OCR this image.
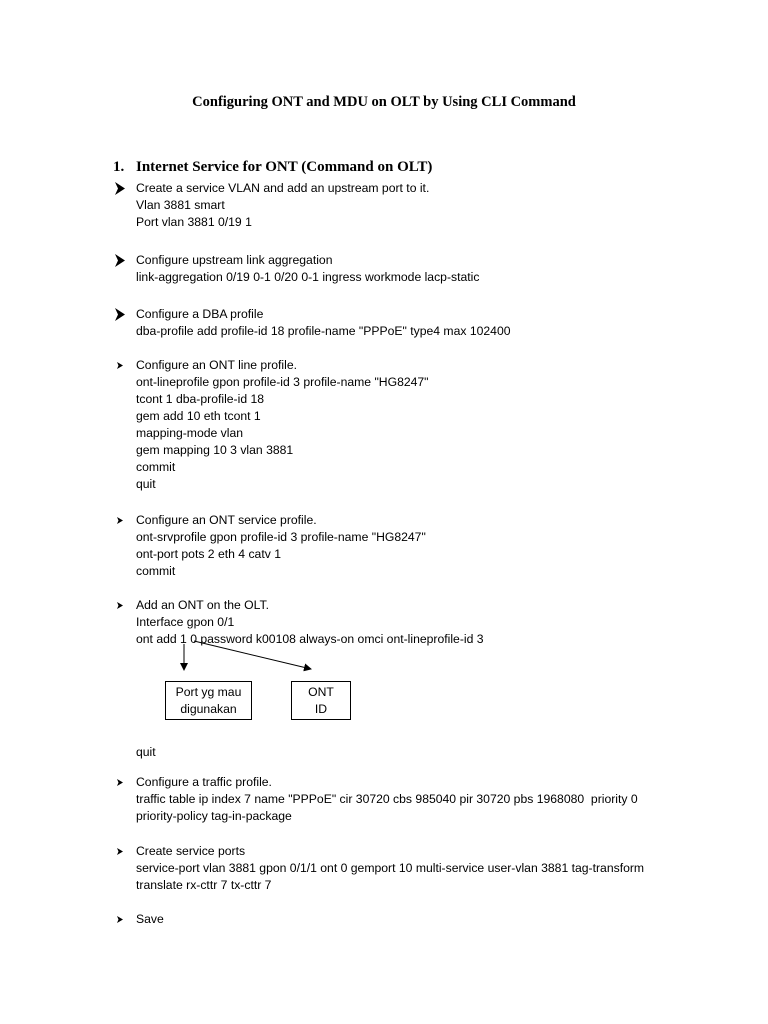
Configuring ONT and MDU on OLT by Using CLI Command
1. Internet Service for ONT (Command on OLT)
Create a service VLAN and add an upstream port to it.
Vlan 3881 smart
Port vlan 3881 0/19 1
Configure upstream link aggregation
link-aggregation 0/19 0-1 0/20 0-1 ingress workmode lacp-static
Configure a DBA profile
dba-profile add profile-id 18 profile-name "PPPoE" type4 max 102400
Configure an ONT line profile.
ont-lineprofile gpon profile-id 3 profile-name "HG8247"
tcont 1 dba-profile-id 18
gem add 10 eth tcont 1
mapping-mode vlan
gem mapping 10 3 vlan 3881
commit
quit
Configure an ONT service profile.
ont-srvprofile gpon profile-id 3 profile-name "HG8247"
ont-port pots 2 eth 4 catv 1
commit
Add an ONT on the OLT.
Interface gpon 0/1
ont add 1 0 password k00108 always-on omci ont-lineprofile-id 3
Port yg mau
digunakan
ONT
ID
quit
Configure a traffic profile.
traffic table ip index 7 name "PPPoE" cir 30720 cbs 985040 pir 30720 pbs 1968080  priority 0
priority-policy tag-in-package
Create service ports
service-port vlan 3881 gpon 0/1/1 ont 0 gemport 10 multi-service user-vlan 3881 tag-transform
translate rx-cttr 7 tx-cttr 7
Save
